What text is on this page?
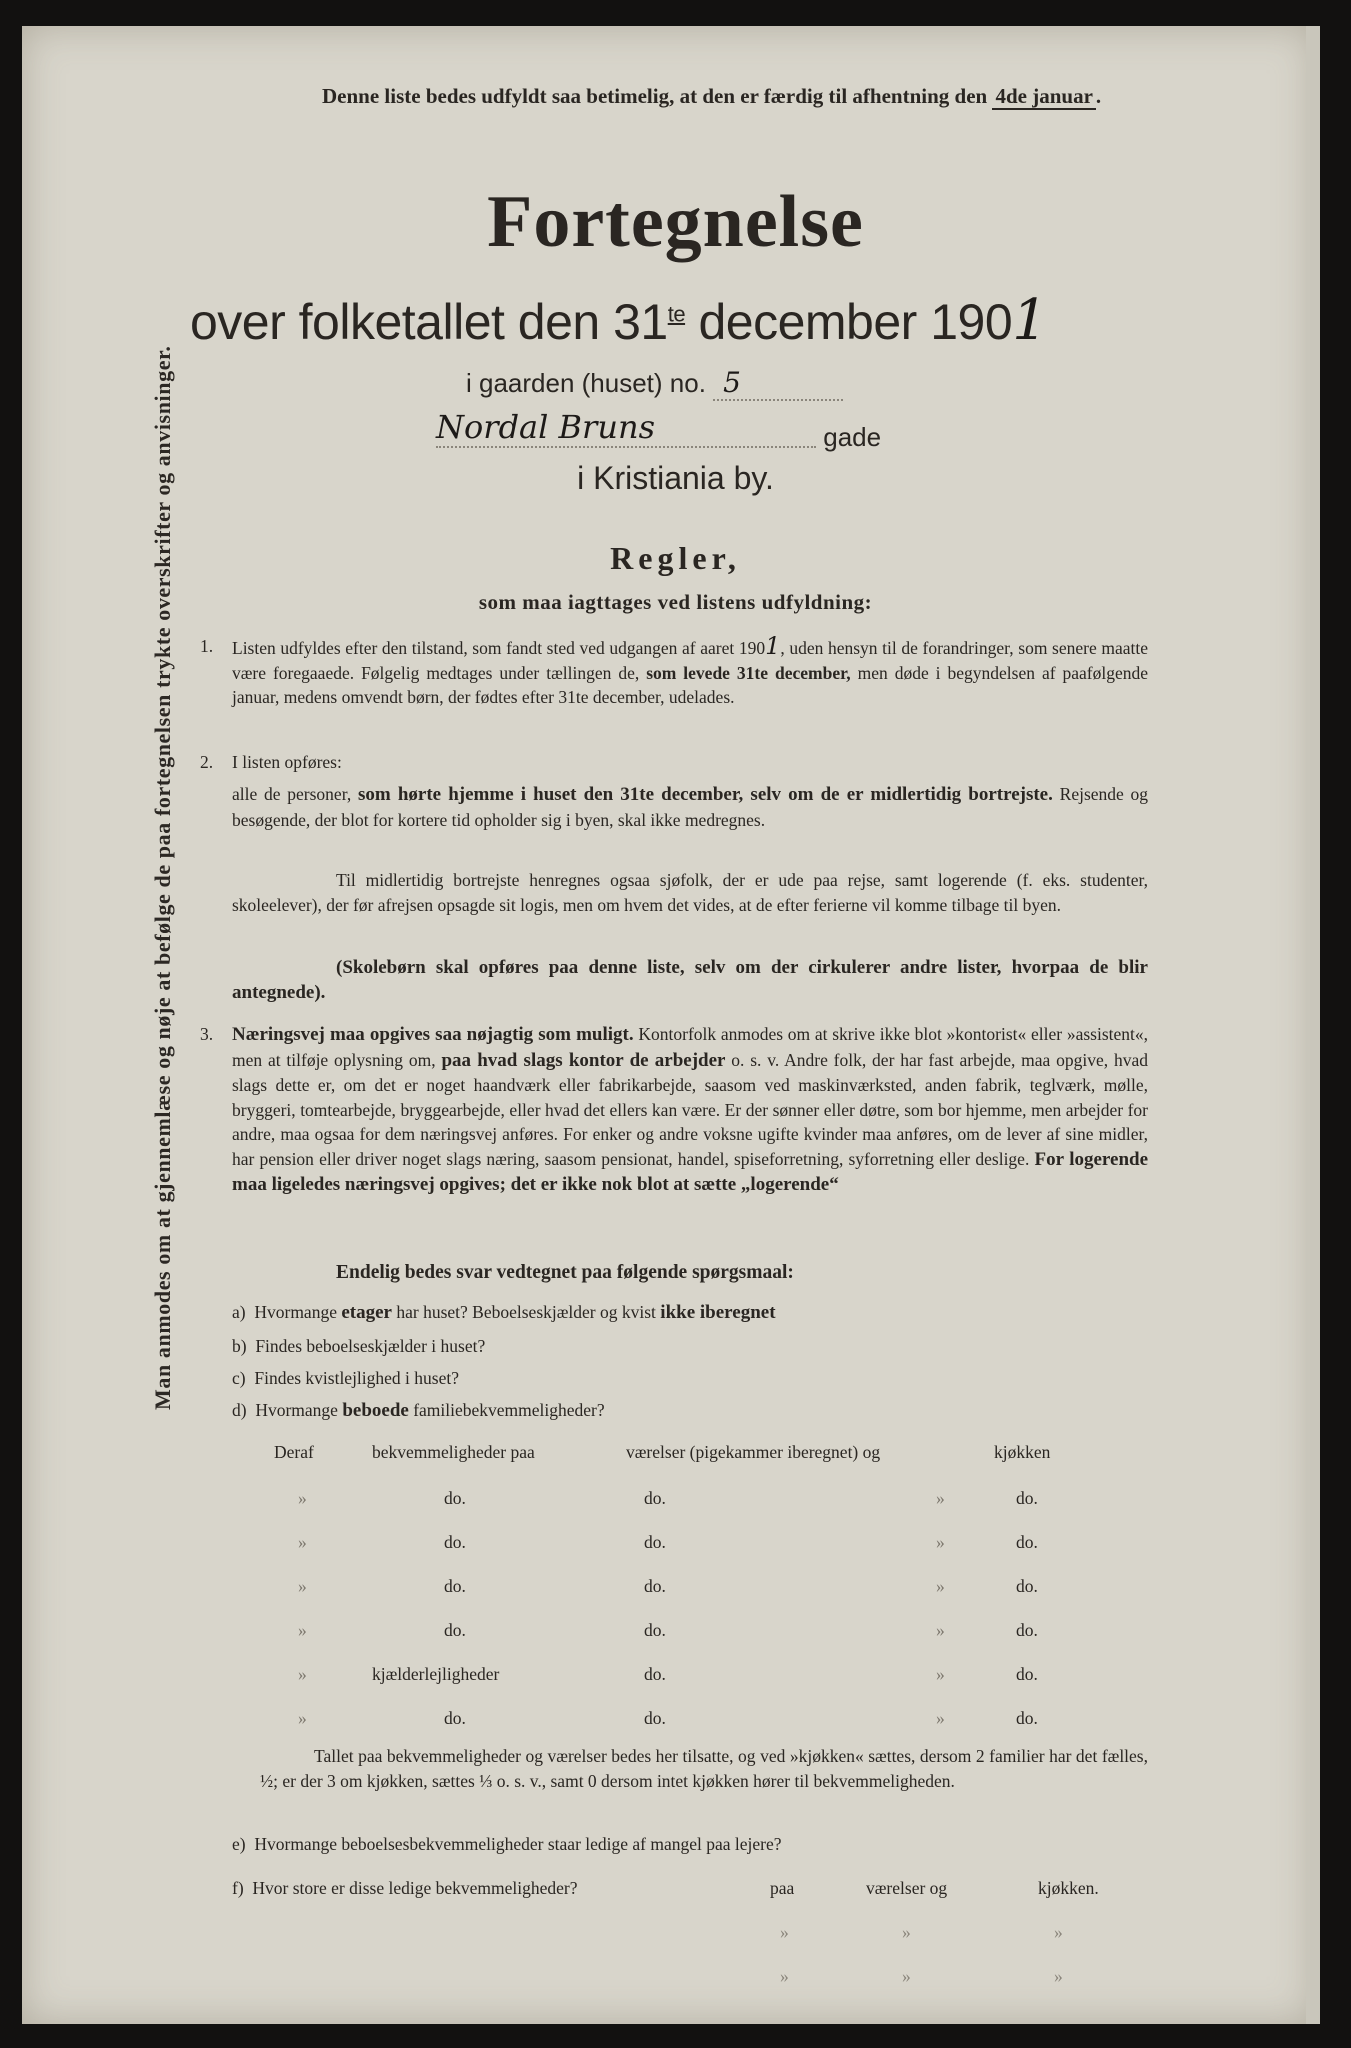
Man anmodes om at gjennemlæse og nøje at befølge de paa fortegnelsen trykte overskrifter og anvisninger.
Denne liste bedes udfyldt saa betimelig, at den er færdig til afhentning den 4de januar .
Fortegnelse
over folketallet den $31^{te}$ december 1901
i gaarden (huset) no. 5
Nordal Bruns	gade
i Kristiania by.
Regler,
som maa iagttages ved listens udfyldning:
1. Listen udfyldes efter den tilstand, som fandt sted ved udgangen af aaret 1901, uden hensyn til de forandringer, som senere maatte være foregaaede. Følgelig medtages under tællingen de, som levede 31te december, men døde i begyndelsen af paafølgende januar, medens omvendt børn, der fødtes efter 31te december, udelades.
2. I listen opføres:
alle de personer, som hørte hjemme i huset den 31te december, selv om de er midlertidig bortrejste. Rejsende og besøgende, der blot for kortere tid opholder sig i byen, skal ikke medregnes.
Til midlertidig bortrejste henregnes ogsaa sjøfolk, der er ude paa rejse, samt logerende (f. eks. studenter, skoleelever), der før afrejsen opsagde sit logis, men om hvem det vides, at de efter ferierne vil komme tilbage til byen.
(Skolebørn skal opføres paa denne liste, selv om der cirkulerer andre lister, hvorpaa de blir antegnede).
3. Næringsvej maa opgives saa nøjagtig som muligt. Kontorfolk anmodes om at skrive ikke blot »kontorist« eller »assistent«, men at tilføje oplysning om, paa hvad slags kontor de arbejder o. s. v. Andre folk, der har fast arbejde, maa opgive, hvad slags dette er, om det er noget haandværk eller fabrikarbejde, saasom ved maskinværksted, anden fabrik, teglværk, mølle, bryggeri, tomtearbejde, bryggearbejde, eller hvad det ellers kan være. Er der sønner eller døtre, som bor hjemme, men arbejder for andre, maa ogsaa for dem næringsvej anføres. For enker og andre voksne ugifte kvinder maa anføres, om de lever af sine midler, har pension eller driver noget slags næring, saasom pensionat, handel, spiseforretning, syforretning eller deslige. For logerende maa ligeledes næringsvej opgives; det er ikke nok blot at sætte „logerende“
Endelig bedes svar vedtegnet paa følgende spørgsmaal:
a) Hvormange etager har huset? Beboelseskjælder og kvist ikke iberegnet
b) Findes beboelseskjælder i huset?
c) Findes kvistlejlighed i huset?
d) Hvormange beboede familiebekvemmeligheder?
Deraf	bekvemmeligheder paa	værelser (pigekammer iberegnet) og	kjøkken
»	do.	do.	»	do.
»	do.	do.	»	do.
»	do.	do.	»	do.
»	do.	do.	»	do.
»	kjælderlejligheder	do.	»	do.
»	do.	do.	»	do.
Tallet paa bekvemmeligheder og værelser bedes her tilsatte, og ved »kjøkken« sættes, dersom 2 familier har det fælles, ½; er der 3 om kjøkken, sættes ⅓ o. s. v., samt 0 dersom intet kjøkken hører til bekvemmeligheden.
e) Hvormange beboelsesbekvemmeligheder staar ledige af mangel paa lejere?
f) Hvor store er disse ledige bekvemmeligheder?	paa	værelser og	kjøkken.
»	»	»
»	»	»
